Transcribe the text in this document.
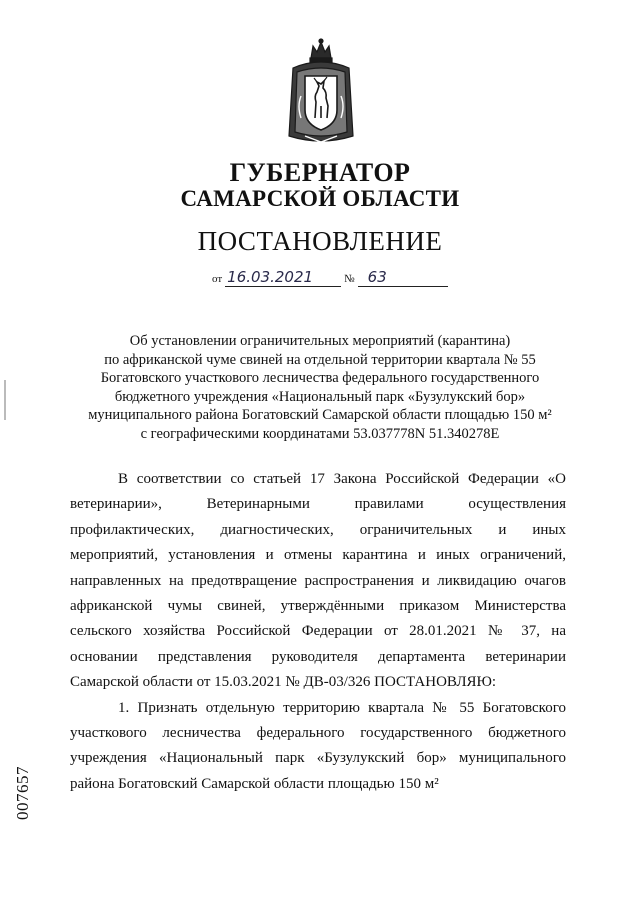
ГУБЕРНАТОР
САМАРСКОЙ ОБЛАСТИ
ПОСТАНОВЛЕНИЕ
от 16.03.2021	№ 63
Об установлении ограничительных мероприятий (карантина)
по африканской чуме свиней на отдельной территории квартала № 55
Богатовского участкового лесничества федерального государственного
бюджетного учреждения «Национальный парк «Бузулукский бор»
муниципального района Богатовский Самарской области площадью 150 м²
с географическими координатами 53.037778N 51.340278E

В соответствии со статьей 17 Закона Российской Федерации «О ветеринарии», Ветеринарными правилами осуществления профилактических, диагностических, ограничительных и иных мероприятий, установления и отмены карантина и иных ограничений, направленных на предотвращение распространения и ликвидацию очагов африканской чумы свиней, утверждёнными приказом Министерства сельского хозяйства Российской Федерации от 28.01.2021 № 37, на основании представления руководителя департамента ветеринарии Самарской области от 15.03.2021 № ДВ-03/326 ПОСТАНОВЛЯЮ:

1. Признать отдельную территорию квартала № 55 Богатовского участкового лесничества федерального государственного бюджетного учреждения «Национальный парк «Бузулукский бор» муниципального района Богатовский Самарской области площадью 150 м²

007657
